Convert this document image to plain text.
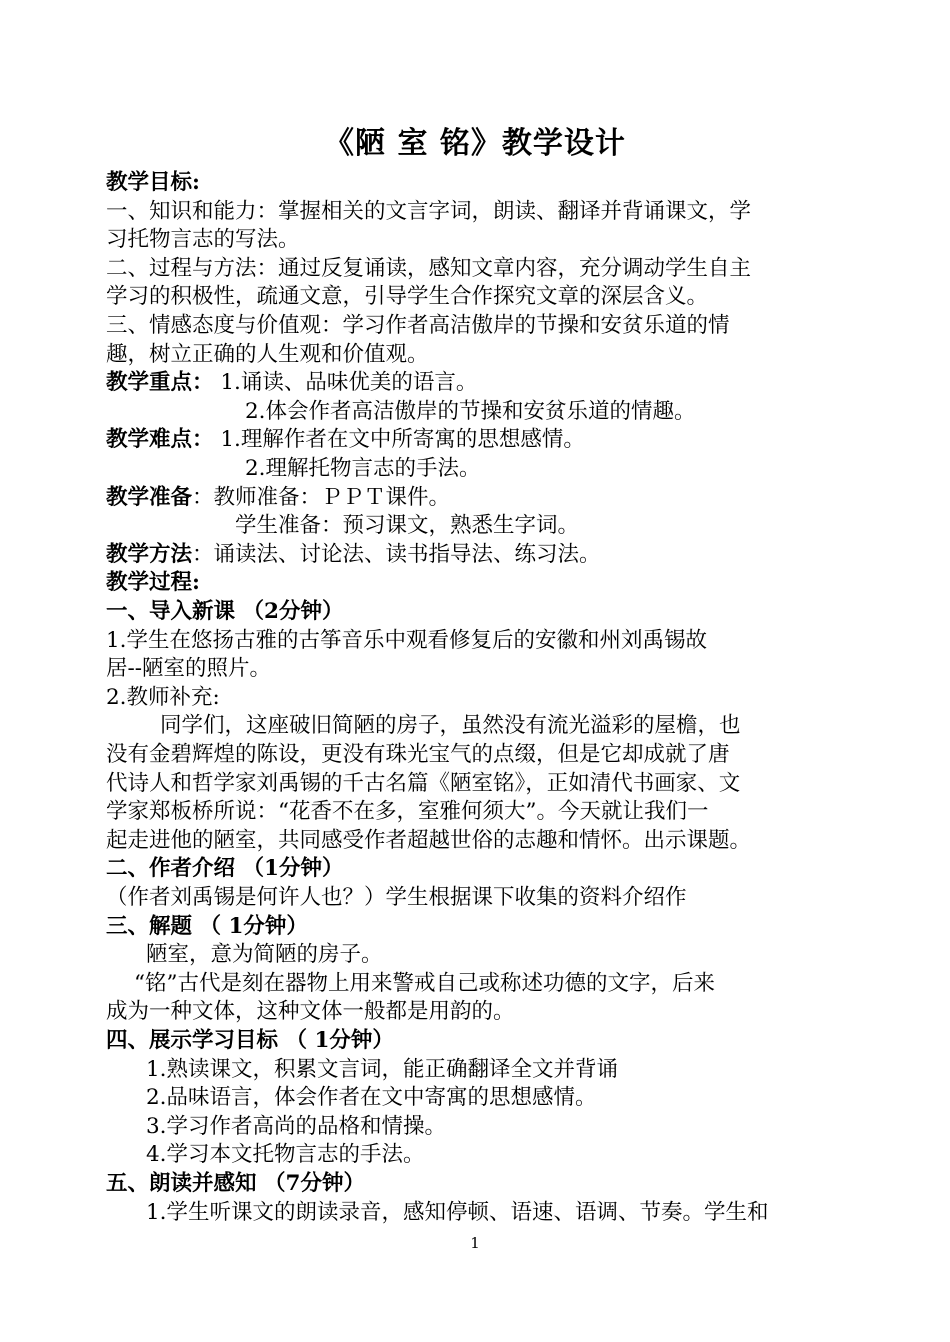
《陋 室 铭》教学设计
教学目标:
一、知识和能力：掌握相关的文言字词，朗读、翻译并背诵课文，学
习托物言志的写法。
二、过程与方法：通过反复诵读，感知文章内容，充分调动学生自主
学习的积极性，疏通文意，引导学生合作探究文章的深层含义。
三、情感态度与价值观：学习作者高洁傲岸的节操和安贫乐道的情
趣，树立正确的人生观和价值观。
教学重点： 1.诵读、品味优美的语言。
2.体会作者高洁傲岸的节操和安贫乐道的情趣。
教学难点： 1.理解作者在文中所寄寓的思想感情。
2.理解托物言志的手法。
教学准备：教师准备：ＰＰＴ课件。
学生准备：预习课文，熟悉生字词。
教学方法：诵读法、讨论法、读书指导法、练习法。
教学过程:
一、导入新课 （2分钟）
1.学生在悠扬古雅的古筝音乐中观看修复后的安徽和州刘禹锡故
居--陋室的照片。
2.教师补充:
同学们，这座破旧简陋的房子，虽然没有流光溢彩的屋檐，也
没有金碧辉煌的陈设，更没有珠光宝气的点缀，但是它却成就了唐
代诗人和哲学家刘禹锡的千古名篇《陋室铭》，正如清代书画家、文
学家郑板桥所说：“花香不在多，室雅何须大”。今天就让我们一
起走进他的陋室，共同感受作者超越世俗的志趣和情怀。出示课题。
二、作者介绍 （1分钟）
（作者刘禹锡是何许人也？）学生根据课下收集的资料介绍作
三、解题 （ 1分钟）
陋室，意为简陋的房子。
“铭”古代是刻在器物上用来警戒自己或称述功德的文字，后来
成为一种文体，这种文体一般都是用韵的。
四、展示学习目标 （ 1分钟）
1.熟读课文，积累文言词，能正确翻译全文并背诵
2.品味语言，体会作者在文中寄寓的思想感情。
3.学习作者高尚的品格和情操。
4.学习本文托物言志的手法。
五、朗读并感知 （7分钟）
1.学生听课文的朗读录音，感知停顿、语速、语调、节奏。学生和
1
